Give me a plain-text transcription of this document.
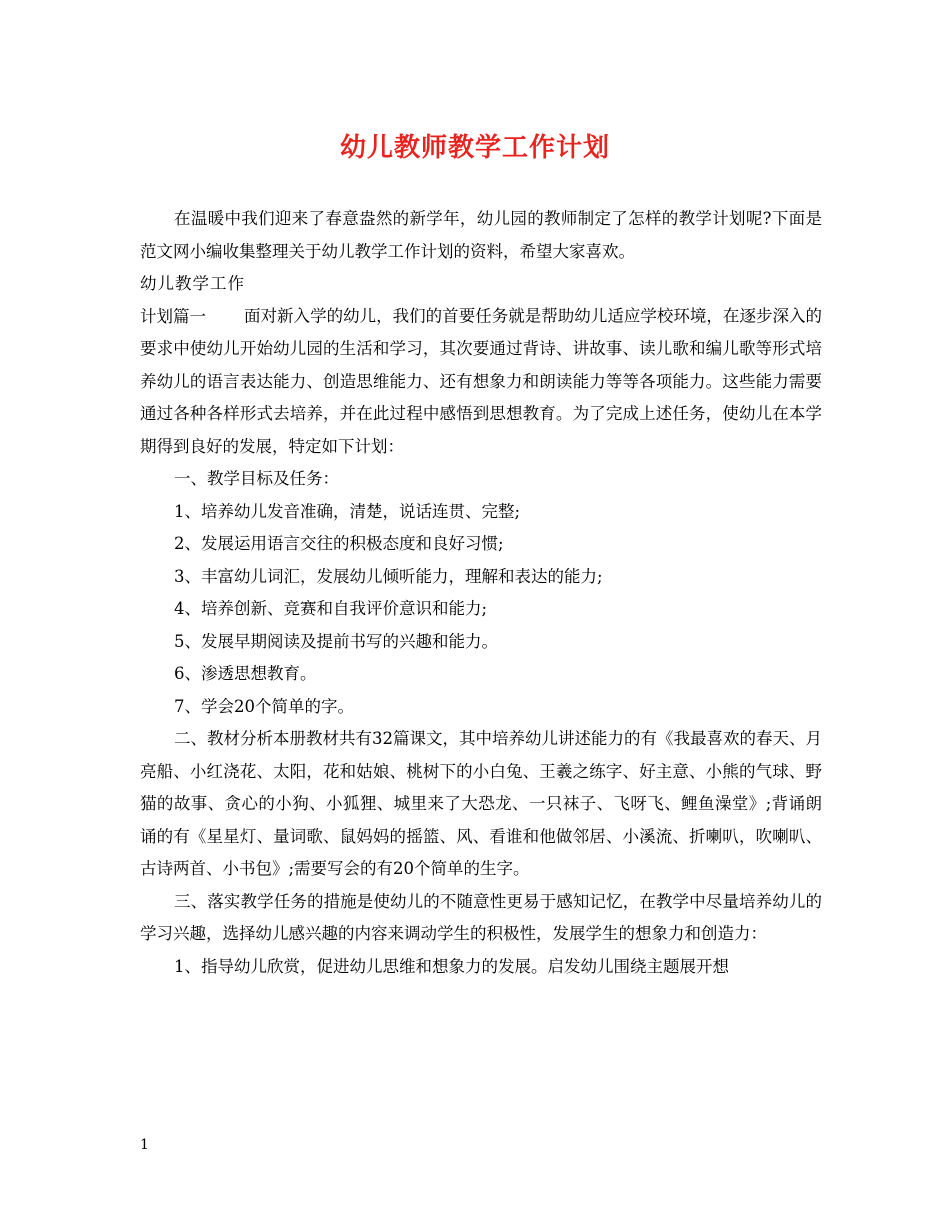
幼儿教师教学工作计划

在温暖中我们迎来了春意盎然的新学年，幼儿园的教师制定了怎样的教学计划呢?下面是范文网小编收集整理关于幼儿教学工作计划的资料，希望大家喜欢。

幼儿教学工作计划篇一 面对新入学的幼儿，我们的首要任务就是帮助幼儿适应学校环境，在逐步深入的要求中使幼儿开始幼儿园的生活和学习，其次要通过背诗、讲故事、读儿歌和编儿歌等形式培养幼儿的语言表达能力、创造思维能力、还有想象力和朗读能力等等各项能力。这些能力需要通过各种各样形式去培养，并在此过程中感悟到思想教育。为了完成上述任务，使幼儿在本学期得到良好的发展，特定如下计划：

一、教学目标及任务：

1、培养幼儿发音准确，清楚，说话连贯、完整;

2、发展运用语言交往的积极态度和良好习惯;

3、丰富幼儿词汇，发展幼儿倾听能力，理解和表达的能力;

4、培养创新、竞赛和自我评价意识和能力;

5、发展早期阅读及提前书写的兴趣和能力。

6、渗透思想教育。

7、学会20个简单的字。

二、教材分析本册教材共有32篇课文，其中培养幼儿讲述能力的有《我最喜欢的春天、月亮船、小红浇花、太阳，花和姑娘、桃树下的小白兔、王羲之练字、好主意、小熊的气球、野猫的故事、贪心的小狗、小狐狸、城里来了大恐龙、一只袜子、飞呀飞、鲤鱼澡堂》;背诵朗诵的有《星星灯、量词歌、鼠妈妈的摇篮、风、看谁和他做邻居、小溪流、折喇叭，吹喇叭、古诗两首、小书包》;需要写会的有20个简单的生字。

三、落实教学任务的措施是使幼儿的不随意性更易于感知记忆，在教学中尽量培养幼儿的学习兴趣，选择幼儿感兴趣的内容来调动学生的积极性，发展学生的想象力和创造力：

1、指导幼儿欣赏，促进幼儿思维和想象力的发展。启发幼儿围绕主题展开想

1
